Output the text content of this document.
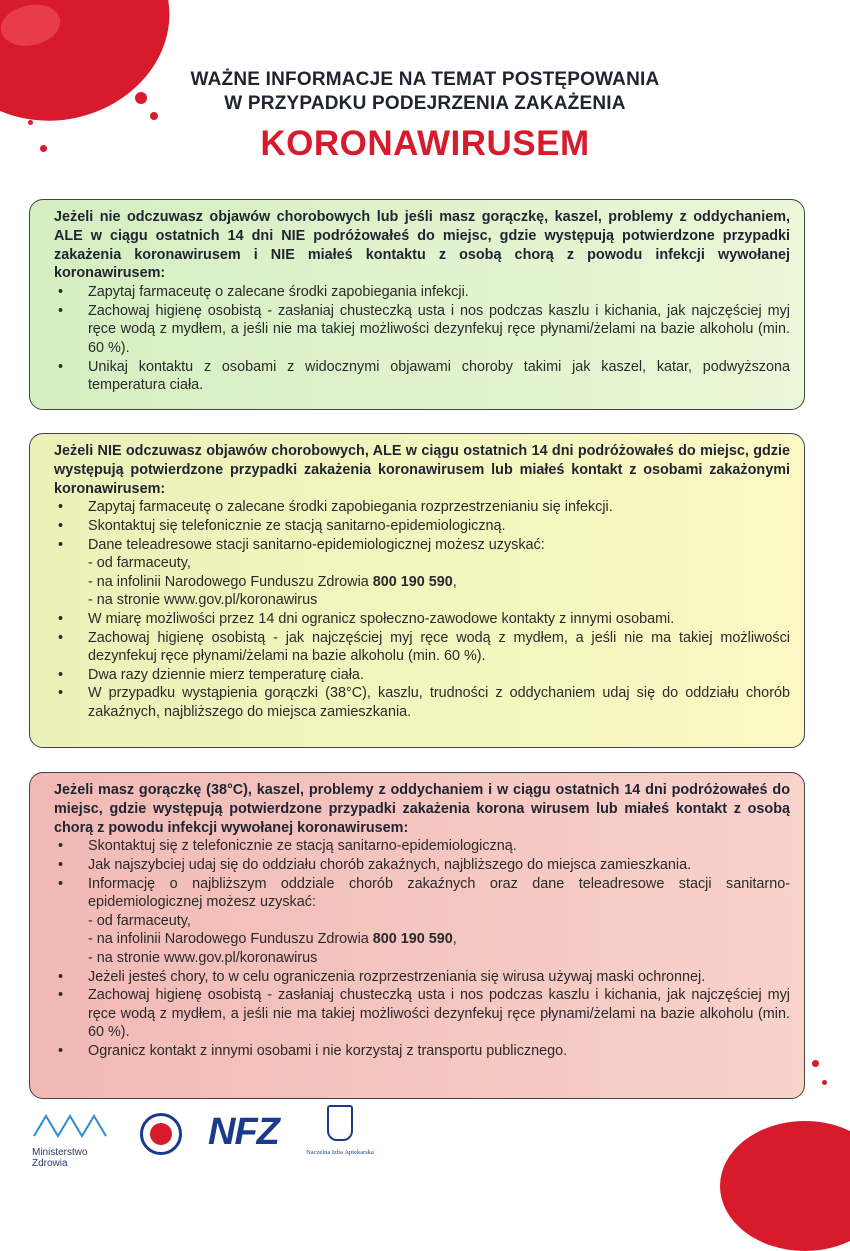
WAŻNE INFORMACJE NA TEMAT POSTĘPOWANIA
W PRZYPADKU PODEJRZENIA ZAKAŻENIA
KORONAWIRUSEM
Jeżeli nie odczuwasz objawów chorobowych lub jeśli masz gorączkę, kaszel, problemy z oddychaniem, ALE w ciągu ostatnich 14 dni NIE podróżowałeś do miejsc, gdzie występują potwierdzone przypadki zakażenia koronawirusem i NIE miałeś kontaktu z osobą chorą z powodu infekcji wywołanej koronawirusem:
• Zapytaj farmaceutę o zalecane środki zapobiegania infekcji.
• Zachowaj higienę osobistą - zasłaniaj chusteczką usta i nos podczas kaszlu i kichania, jak najczęściej myj ręce wodą z mydłem, a jeśli nie ma takiej możliwości dezynfekuj ręce płynami/żelami na bazie alkoholu (min. 60 %).
• Unikaj kontaktu z osobami z widocznymi objawami choroby takimi jak kaszel, katar, podwyższona temperatura ciała.
Jeżeli NIE odczuwasz objawów chorobowych, ALE w ciągu ostatnich 14 dni podróżowałeś do miejsc, gdzie występują potwierdzone przypadki zakażenia koronawirusem lub miałeś kontakt z osobami zakażonymi koronawirusem:
• Zapytaj farmaceutę o zalecane środki zapobiegania rozprzestrzenianiu się infekcji.
• Skontaktuj się telefonicznie ze stacją sanitarno-epidemiologiczną.
• Dane teleadresowe stacji sanitarno-epidemiologicznej możesz uzyskać:
- od farmaceuty,
- na infolinii Narodowego Funduszu Zdrowia 800 190 590,
- na stronie www.gov.pl/koronawirus
• W miarę możliwości przez 14 dni ogranicz społeczno-zawodowe kontakty z innymi osobami.
• Zachowaj higienę osobistą - jak najczęściej myj ręce wodą z mydłem, a jeśli nie ma takiej możliwości dezynfekuj ręce płynami/żelami na bazie alkoholu (min. 60 %).
• Dwa razy dziennie mierz temperaturę ciała.
• W przypadku wystąpienia gorączki (38°C), kaszlu, trudności z oddychaniem udaj się do oddziału chorób zakaźnych, najbliższego do miejsca zamieszkania.
Jeżeli masz gorączkę (38°C), kaszel, problemy z oddychaniem i w ciągu ostatnich 14 dni podróżowałeś do miejsc, gdzie występują potwierdzone przypadki zakażenia korona wirusem lub miałeś kontakt z osobą chorą z powodu infekcji wywołanej koronawirusem:
• Skontaktuj się z telefonicznie ze stacją sanitarno-epidemiologiczną.
• Jak najszybciej udaj się do oddziału chorób zakaźnych, najbliższego do miejsca zamieszkania.
• Informację o najbliższym oddziale chorób zakaźnych oraz dane teleadresowe stacji sanitarno-epidemiologicznej możesz uzyskać:
- od farmaceuty,
- na infolinii Narodowego Funduszu Zdrowia 800 190 590,
- na stronie www.gov.pl/koronawirus
• Jeżeli jesteś chory, to w celu ograniczenia rozprzestrzeniania się wirusa używaj maski ochronnej.
• Zachowaj higienę osobistą - zasłaniaj chusteczką usta i nos podczas kaszlu i kichania, jak najczęściej myj ręce wodą z mydłem, a jeśli nie ma takiej możliwości dezynfekuj ręce płynami/żelami na bazie alkoholu (min. 60 %).
• Ogranicz kontakt z innymi osobami i nie korzystaj z transportu publicznego.
Ministerstwo Zdrowia
NFZ	Naczelna Izba Aptekarska
